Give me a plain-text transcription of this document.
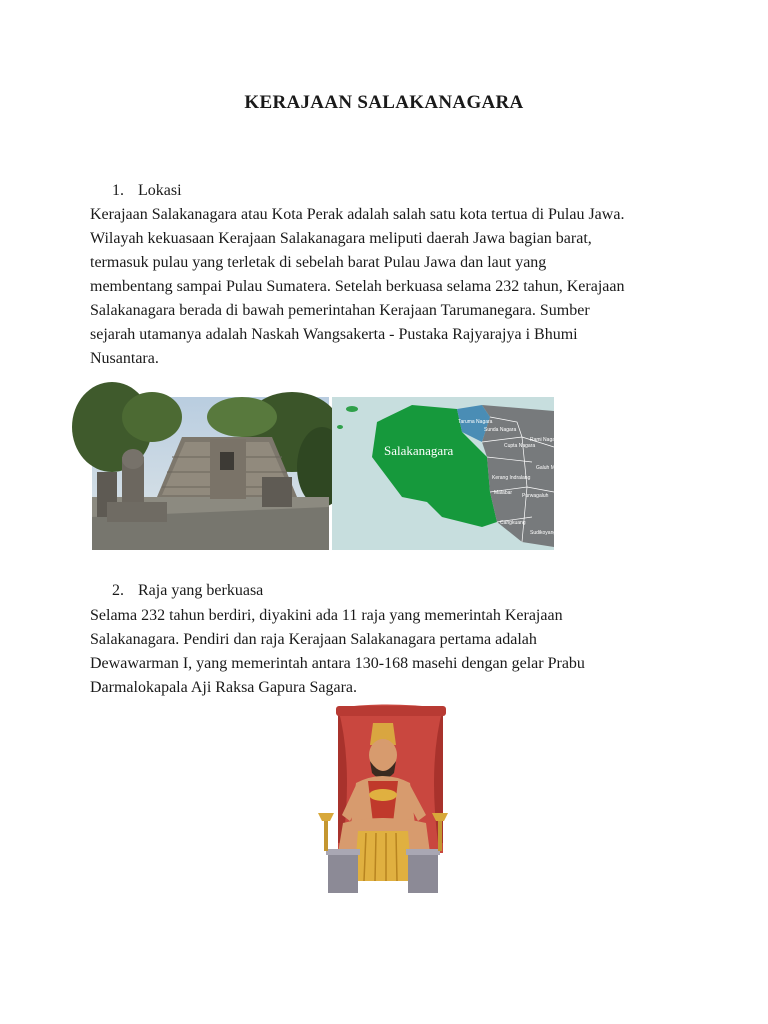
KERAJAAN SALAKANAGARA
1. Lokasi

Kerajaan Salakanagara atau Kota Perak adalah salah satu kota tertua di Pulau Jawa.
Wilayah kekuasaan Kerajaan Salakanagara meliputi daerah Jawa bagian barat,
termasuk pulau yang terletak di sebelah barat Pulau Jawa dan laut yang
membentang sampai Pulau Sumatera. Setelah berkuasa selama 232 tahun, Kerajaan
Salakanagara berada di bawah pemerintahan Kerajaan Tarumanegara. Sumber
sejarah utamanya adalah Naskah Wangsakerta - Pustaka Rajyarajya i Bhumi
Nusantara.

Salakanagara
Taruma Nagara
Sunda Nagara
Cupta Nagara
Rami Nagara
Galuh Mandi
Kerang Indralang
Malabar Purwagaluh
Cangkuang
Sudikoyang
2. Raja yang berkuasa

Selama 232 tahun berdiri, diyakini ada 11 raja yang memerintah Kerajaan
Salakanagara. Pendiri dan raja Kerajaan Salakanagara pertama adalah
Dewawarman I, yang memerintah antara 130-168 masehi dengan gelar Prabu
Darmalokapala Aji Raksa Gapura Sagara.
